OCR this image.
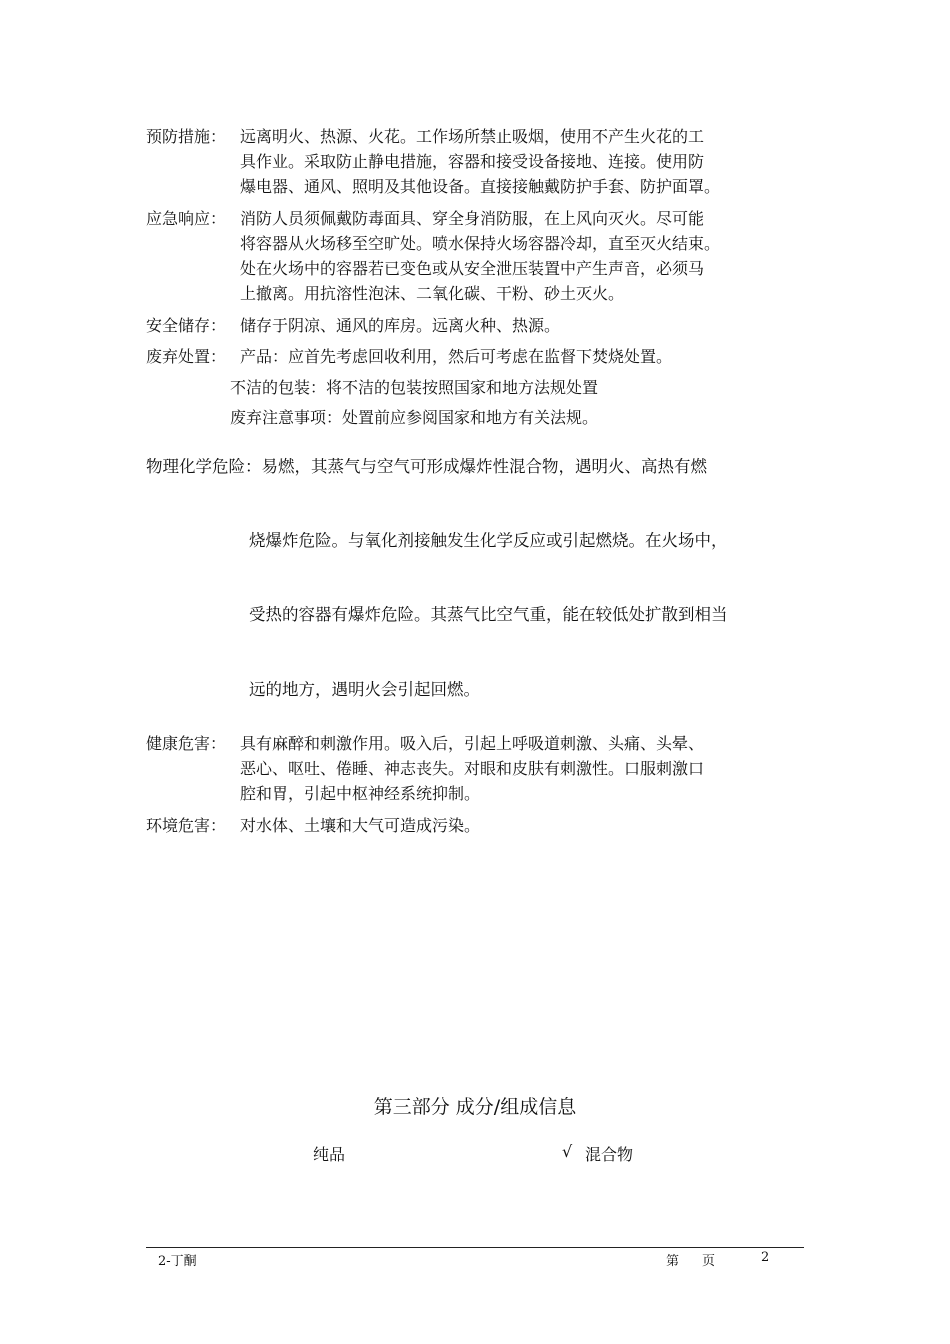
预防措施： 远离明火、热源、火花。工作场所禁止吸烟，使用不产生火花的工
具作业。采取防止静电措施，容器和接受设备接地、连接。使用防
爆电器、通风、照明及其他设备。直接接触戴防护手套、防护面罩。
应急响应： 消防人员须佩戴防毒面具、穿全身消防服，在上风向灭火。尽可能
将容器从火场移至空旷处。喷水保持火场容器冷却，直至灭火结束。
处在火场中的容器若已变色或从安全泄压装置中产生声音，必须马
上撤离。用抗溶性泡沫、二氧化碳、干粉、砂土灭火。
安全储存： 储存于阴凉、通风的库房。远离火种、热源。
废弃处置： 产品：应首先考虑回收利用，然后可考虑在监督下焚烧处置。
不洁的包装：将不洁的包装按照国家和地方法规处置
废弃注意事项：处置前应参阅国家和地方有关法规。
物理化学危险：易燃，其蒸气与空气可形成爆炸性混合物，遇明火、高热有燃
烧爆炸危险。与氧化剂接触发生化学反应或引起燃烧。在火场中，
受热的容器有爆炸危险。其蒸气比空气重，能在较低处扩散到相当
远的地方，遇明火会引起回燃。
健康危害： 具有麻醉和刺激作用。吸入后，引起上呼吸道刺激、头痛、头晕、
恶心、呕吐、倦睡、神志丧失。对眼和皮肤有刺激性。口服刺激口
腔和胃，引起中枢神经系统抑制。
环境危害： 对水体、土壤和大气可造成污染。
第三部分 成分/组成信息
纯品	√ 混合物
2-丁酮	第 页	2
